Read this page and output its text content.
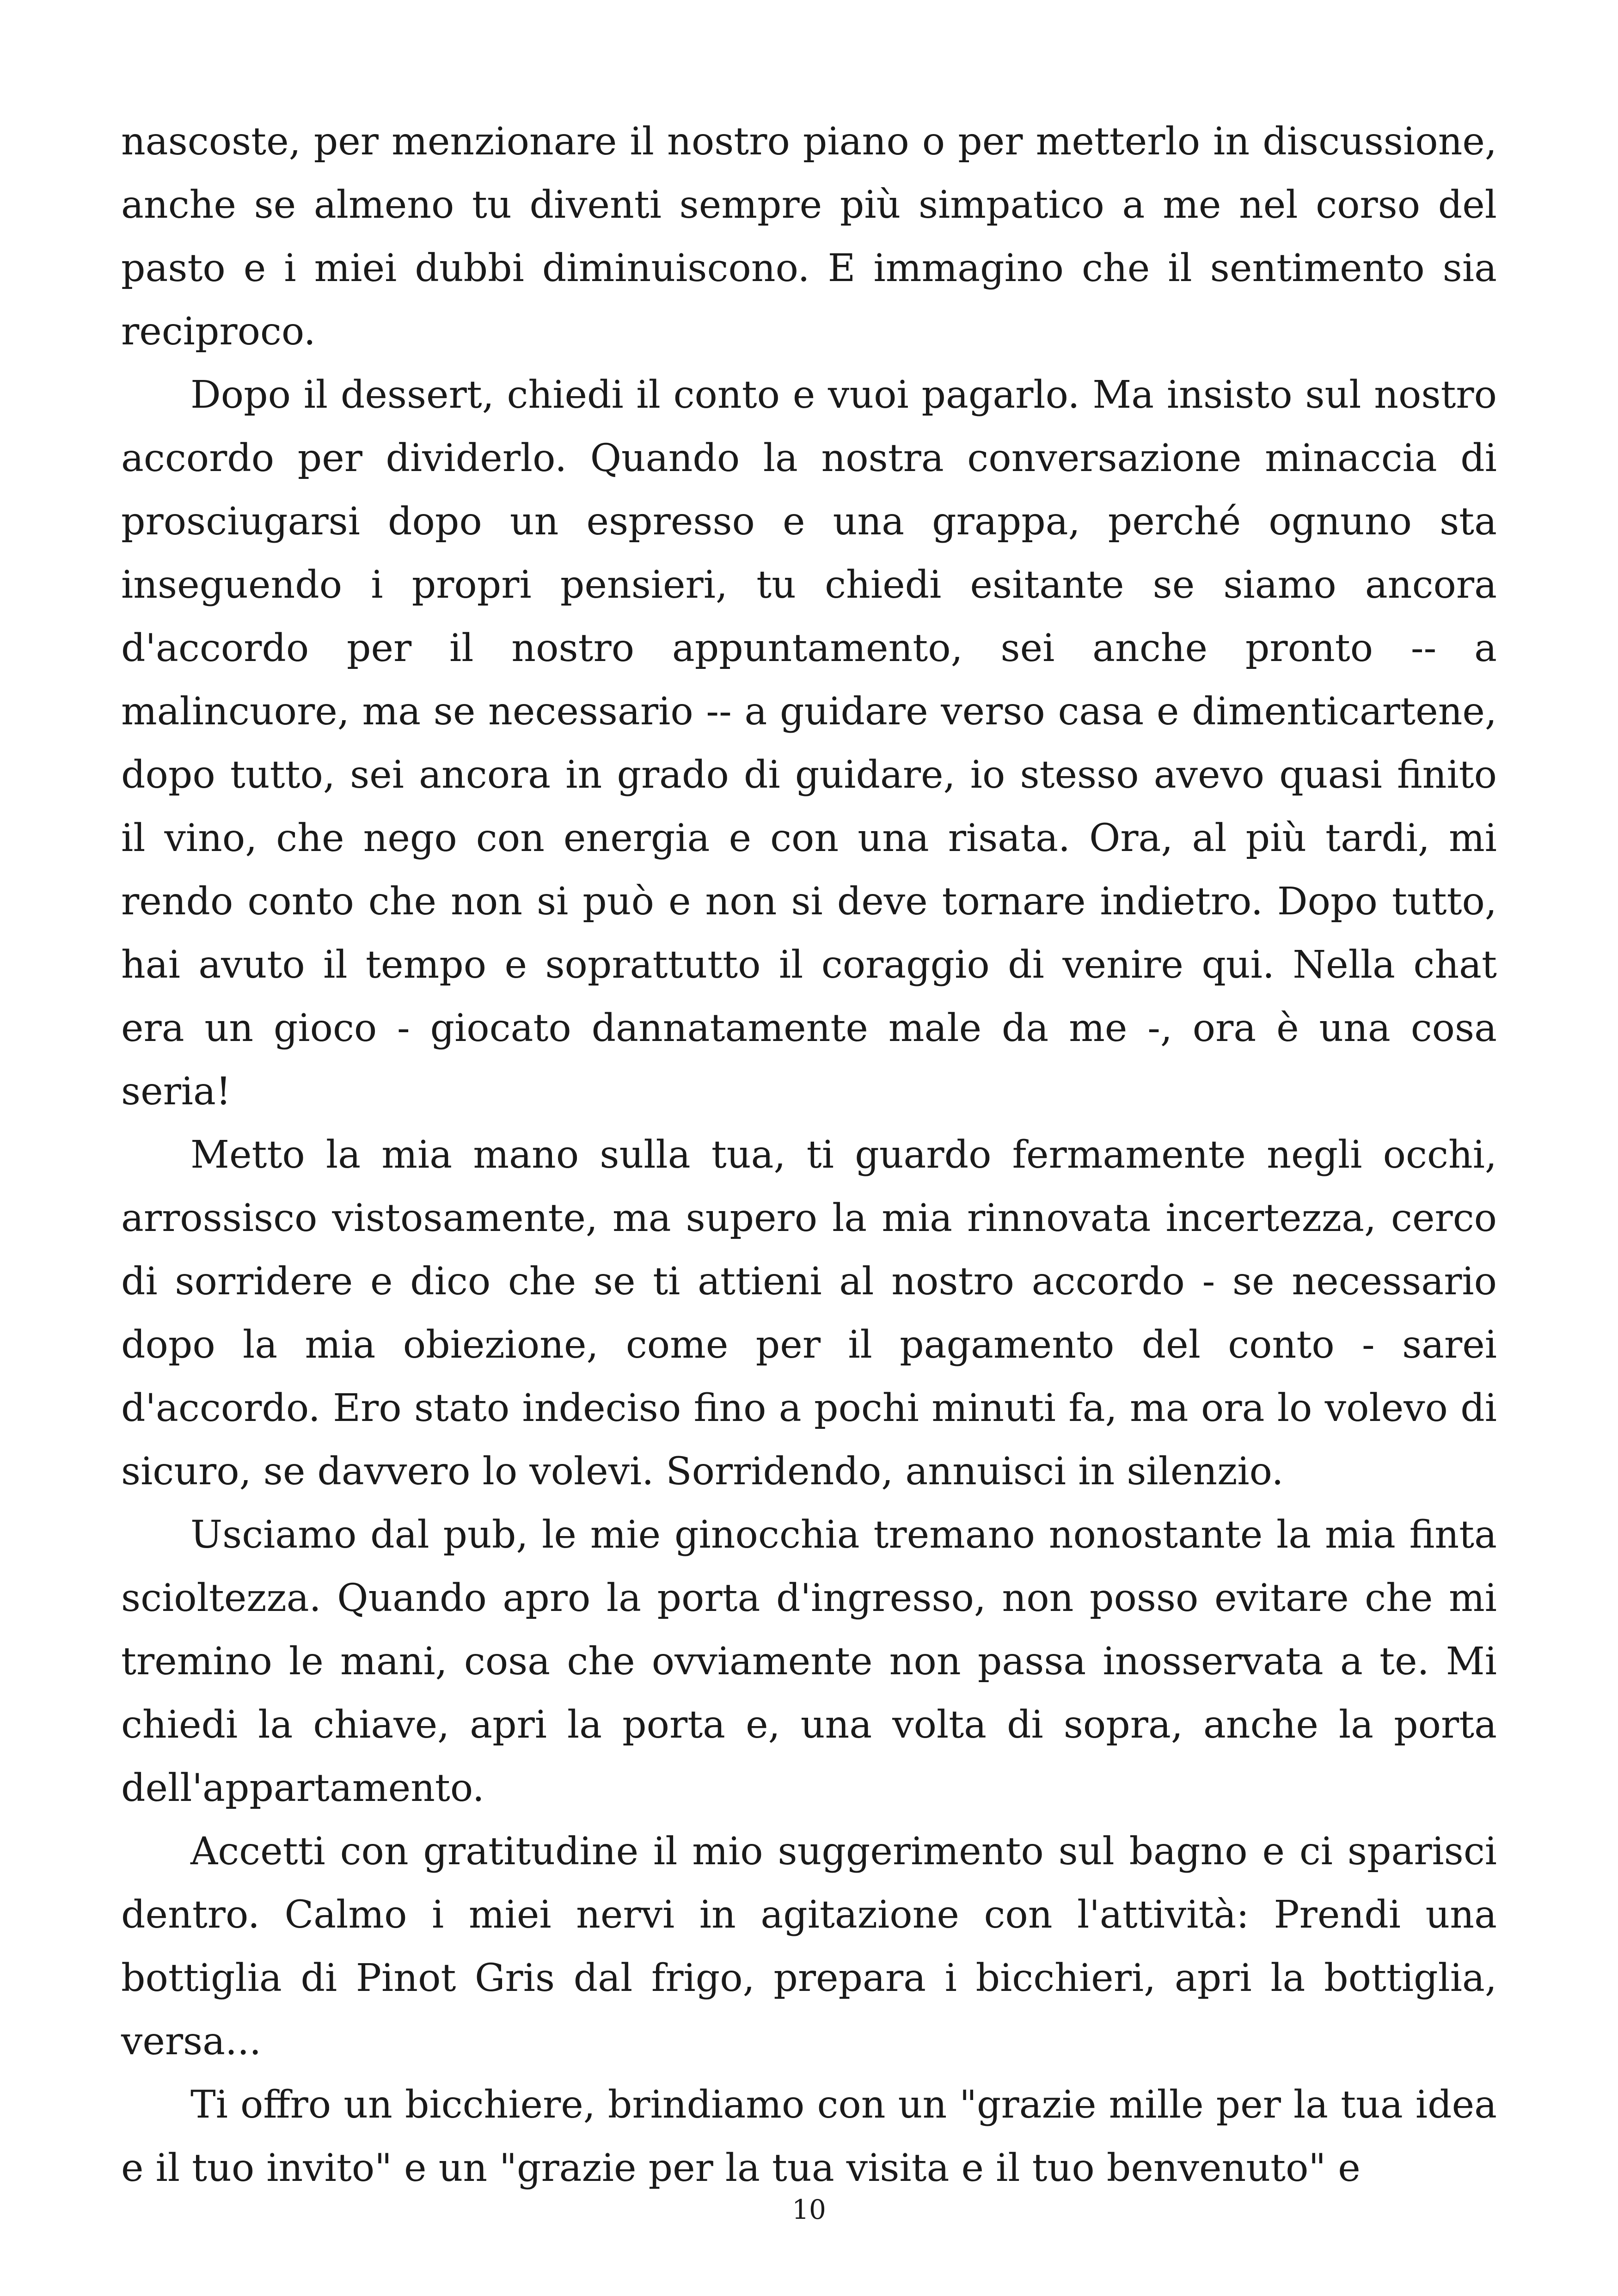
nascoste, per menzionare il nostro piano o per metterlo in discussione, anche se almeno tu diventi sempre più simpatico a me nel corso del pasto e i miei dubbi diminuiscono. E immagino che il sentimento sia reciproco.

Dopo il dessert, chiedi il conto e vuoi pagarlo. Ma insisto sul nostro accordo per dividerlo. Quando la nostra conversazione minaccia di prosciugarsi dopo un espresso e una grappa, perché ognuno sta inseguendo i propri pensieri, tu chiedi esitante se siamo ancora d'accordo per il nostro appuntamento, sei anche pronto -- a malincuore, ma se necessario -- a guidare verso casa e dimenticartene, dopo tutto, sei ancora in grado di guidare, io stesso avevo quasi finito il vino, che nego con energia e con una risata. Ora, al più tardi, mi rendo conto che non si può e non si deve tornare indietro. Dopo tutto, hai avuto il tempo e soprattutto il coraggio di venire qui. Nella chat era un gioco - giocato dannatamente male da me -, ora è una cosa seria!

Metto la mia mano sulla tua, ti guardo fermamente negli occhi, arrossisco vistosamente, ma supero la mia rinnovata incertezza, cerco di sorridere e dico che se ti attieni al nostro accordo - se necessario dopo la mia obiezione, come per il pagamento del conto - sarei d'accordo. Ero stato indeciso fino a pochi minuti fa, ma ora lo volevo di sicuro, se davvero lo volevi. Sorridendo, annuisci in silenzio.

Usciamo dal pub, le mie ginocchia tremano nonostante la mia finta scioltezza. Quando apro la porta d'ingresso, non posso evitare che mi tremino le mani, cosa che ovviamente non passa inosservata a te. Mi chiedi la chiave, apri la porta e, una volta di sopra, anche la porta dell'appartamento.

Accetti con gratitudine il mio suggerimento sul bagno e ci sparisci dentro. Calmo i miei nervi in agitazione con l'attività: Prendi una bottiglia di Pinot Gris dal frigo, prepara i bicchieri, apri la bottiglia, versa...

Ti offro un bicchiere, brindiamo con un "grazie mille per la tua idea e il tuo invito" e un "grazie per la tua visita e il tuo benvenuto" e

10
